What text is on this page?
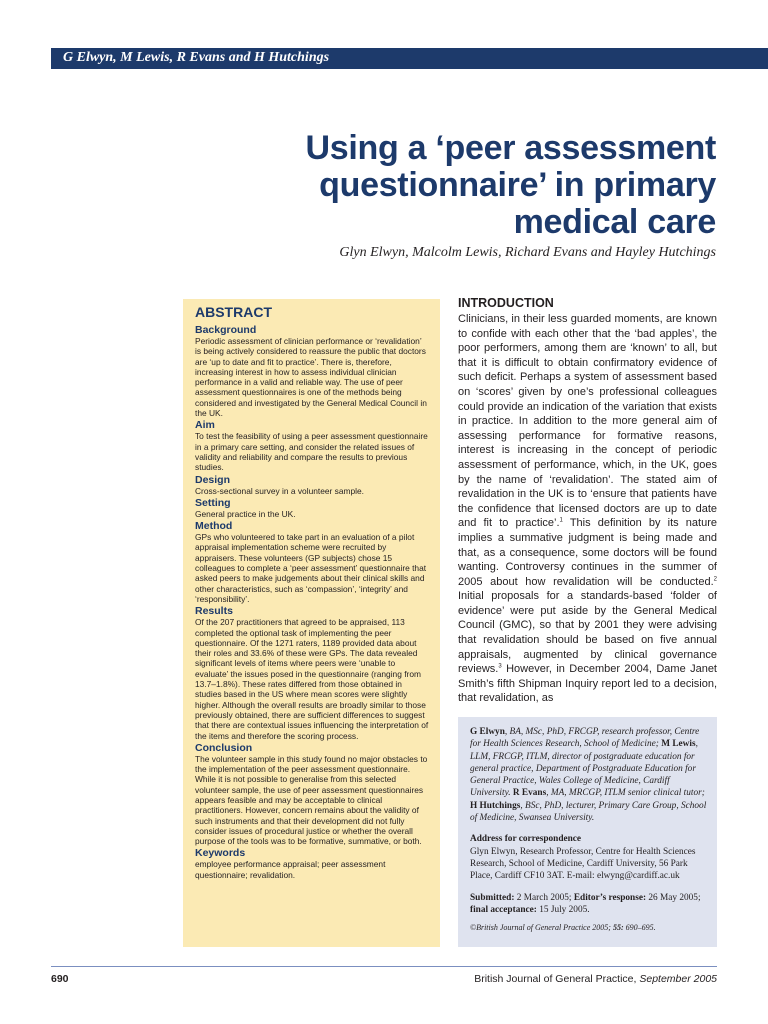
G Elwyn, M Lewis, R Evans and H Hutchings
Using a ‘peer assessment
questionnaire’ in primary
medical care
Glyn Elwyn, Malcolm Lewis, Richard Evans and Hayley Hutchings
ABSTRACT
Background

Periodic assessment of clinician performance or ‘revalidation’ is being actively considered to reassure the public that doctors are ‘up to date and fit to practice’. There is, therefore, increasing interest in how to assess individual clinician performance in a valid and reliable way. The use of peer assessment questionnaires is one of the methods being considered and investigated by the General Medical Council in the UK.

Aim

To test the feasibility of using a peer assessment questionnaire in a primary care setting, and consider the related issues of validity and reliability and compare the results to previous studies.

Design

Cross-sectional survey in a volunteer sample.

Setting

General practice in the UK.

Method

GPs who volunteered to take part in an evaluation of a pilot appraisal implementation scheme were recruited by appraisers. These volunteers (GP subjects) chose 15 colleagues to complete a ‘peer assessment’ questionnaire that asked peers to make judgements about their clinical skills and other characteristics, such as ‘compassion’, ‘integrity’ and ‘responsibility’.

Results

Of the 207 practitioners that agreed to be appraised, 113 completed the optional task of implementing the peer questionnaire. Of the 1271 raters, 1189 provided data about their roles and 33.6% of these were GPs. The data revealed significant levels of items where peers were ‘unable to evaluate’ the issues posed in the questionnaire (ranging from 13.7–1.8%). These rates differed from those obtained in studies based in the US where mean scores were slightly higher. Although the overall results are broadly similar to those previously obtained, there are sufficient differences to suggest that there are contextual issues influencing the interpretation of the items and therefore the scoring process.

Conclusion

The volunteer sample in this study found no major obstacles to the implementation of the peer assessment questionnaire. While it is not possible to generalise from this selected volunteer sample, the use of peer assessment questionnaires appears feasible and may be acceptable to clinical practitioners. However, concern remains about the validity of such instruments and that their development did not fully consider issues of procedural justice or whether the overall purpose of the tools was to be formative, summative, or both.

Keywords

employee performance appraisal; peer assessment questionnaire; revalidation.

INTRODUCTION

Clinicians, in their less guarded moments, are known to confide with each other that the ‘bad apples’, the poor performers, among them are ‘known’ to all, but that it is difficult to obtain confirmatory evidence of such deficit. Perhaps a system of assessment based on ‘scores’ given by one’s professional colleagues could provide an indication of the variation that exists in practice. In addition to the more general aim of assessing performance for formative reasons, interest is increasing in the concept of periodic assessment of performance, which, in the UK, goes by the name of ‘revalidation’. The stated aim of revalidation in the UK is to ‘ensure that patients have the confidence that licensed doctors are up to date and fit to practice’.$^1$ This definition by its nature implies a summative judgment is being made and that, as a consequence, some doctors will be found wanting. Controversy continues in the summer of 2005 about how revalidation will be conducted.$^2$ Initial proposals for a standards-based ‘folder of evidence’ were put aside by the General Medical Council (GMC), so that by 2001 they were advising that revalidation should be based on five annual appraisals, augmented by clinical governance reviews.$^3$ However, in December 2004, Dame Janet Smith’s fifth Shipman Inquiry report led to a decision, that revalidation, as

G Elwyn, BA, MSc, PhD, FRCGP, research professor, Centre for Health Sciences Research, School of Medicine; M Lewis, LLM, FRCGP, ITLM, director of postgraduate education for general practice, Department of Postgraduate Education for General Practice, Wales College of Medicine, Cardiff University. R Evans, MA, MRCGP, ITLM senior clinical tutor; H Hutchings, BSc, PhD, lecturer, Primary Care Group, School of Medicine, Swansea University.

Address for correspondence

Glyn Elwyn, Research Professor, Centre for Health Sciences Research, School of Medicine, Cardiff University, 56 Park Place, Cardiff CF10 3AT. E-mail: elwyng@cardiff.ac.uk

Submitted: 2 March 2005; Editor’s response: 26 May 2005; final acceptance: 15 July 2005.

©British Journal of General Practice 2005; 55: 690–695.

690	British Journal of General Practice, September 2005
